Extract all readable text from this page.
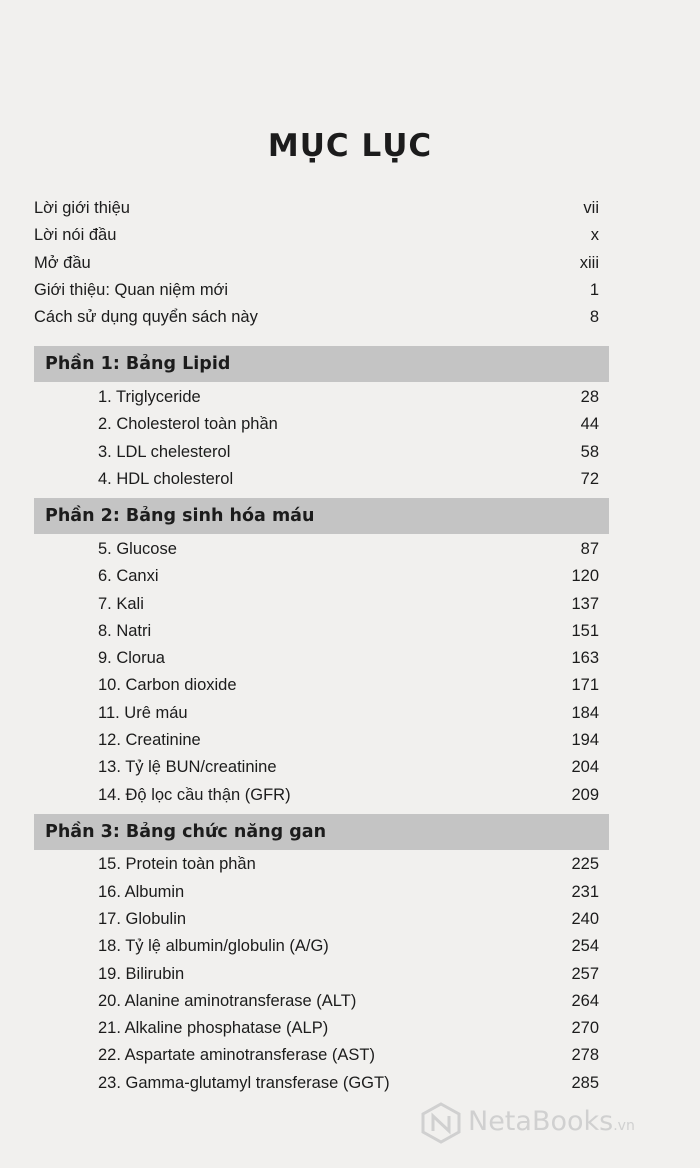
MỤC LỤC
Lời giới thiệu	vii
Lời nói đầu	x
Mở đầu	xiii
Giới thiệu: Quan niệm mới	1
Cách sử dụng quyển sách này	8
Phần 1: Bảng Lipid
1. Triglyceride	28
2. Cholesterol toàn phần	44
3. LDL chelesterol	58
4. HDL cholesterol	72
Phần 2: Bảng sinh hóa máu
5. Glucose	87
6. Canxi	120
7. Kali	137
8. Natri	151
9. Clorua	163
10. Carbon dioxide	171
11. Urê máu	184
12. Creatinine	194
13. Tỷ lệ BUN/creatinine	204
14. Độ lọc cầu thận (GFR)	209
Phần 3: Bảng chức năng gan
15. Protein toàn phần	225
16. Albumin	231
17. Globulin	240
18. Tỷ lệ albumin/globulin (A/G)	254
19. Bilirubin	257
20. Alanine aminotransferase (ALT)	264
21. Alkaline phosphatase (ALP)	270
22. Aspartate aminotransferase (AST)	278
23. Gamma-glutamyl transferase (GGT)	285
NetaBooks.vn
